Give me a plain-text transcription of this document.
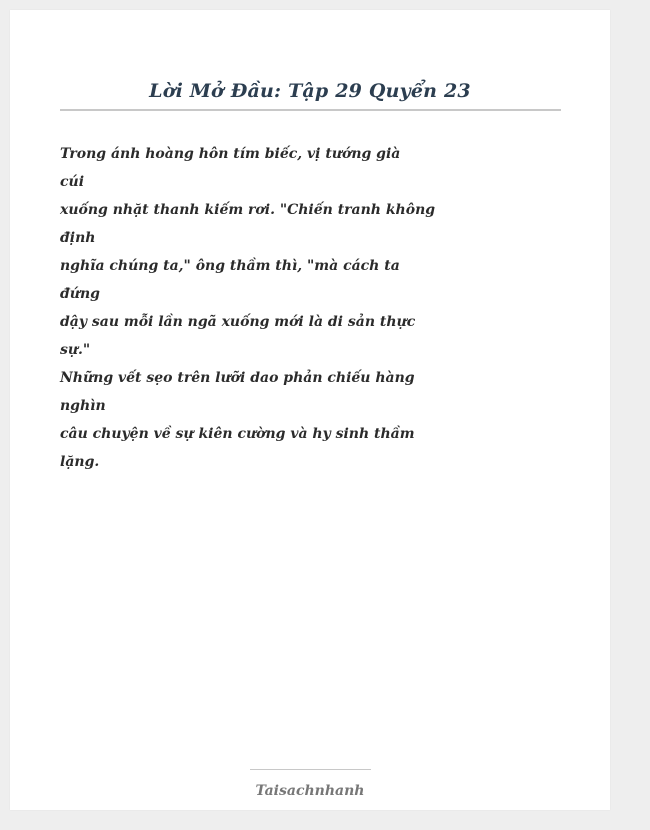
Lời Mở Đầu: Tập 29 Quyển 23
Trong ánh hoàng hôn tím biếc, vị tướng già
cúi
xuống nhặt thanh kiếm rơi. "Chiến tranh không
định
nghĩa chúng ta," ông thầm thì, "mà cách ta
đứng
dậy sau mỗi lần ngã xuống mới là di sản thực
sự."
Những vết sẹo trên lưỡi dao phản chiếu hàng
nghìn
câu chuyện về sự kiên cường và hy sinh thầm
lặng.
Taisachnhanh
